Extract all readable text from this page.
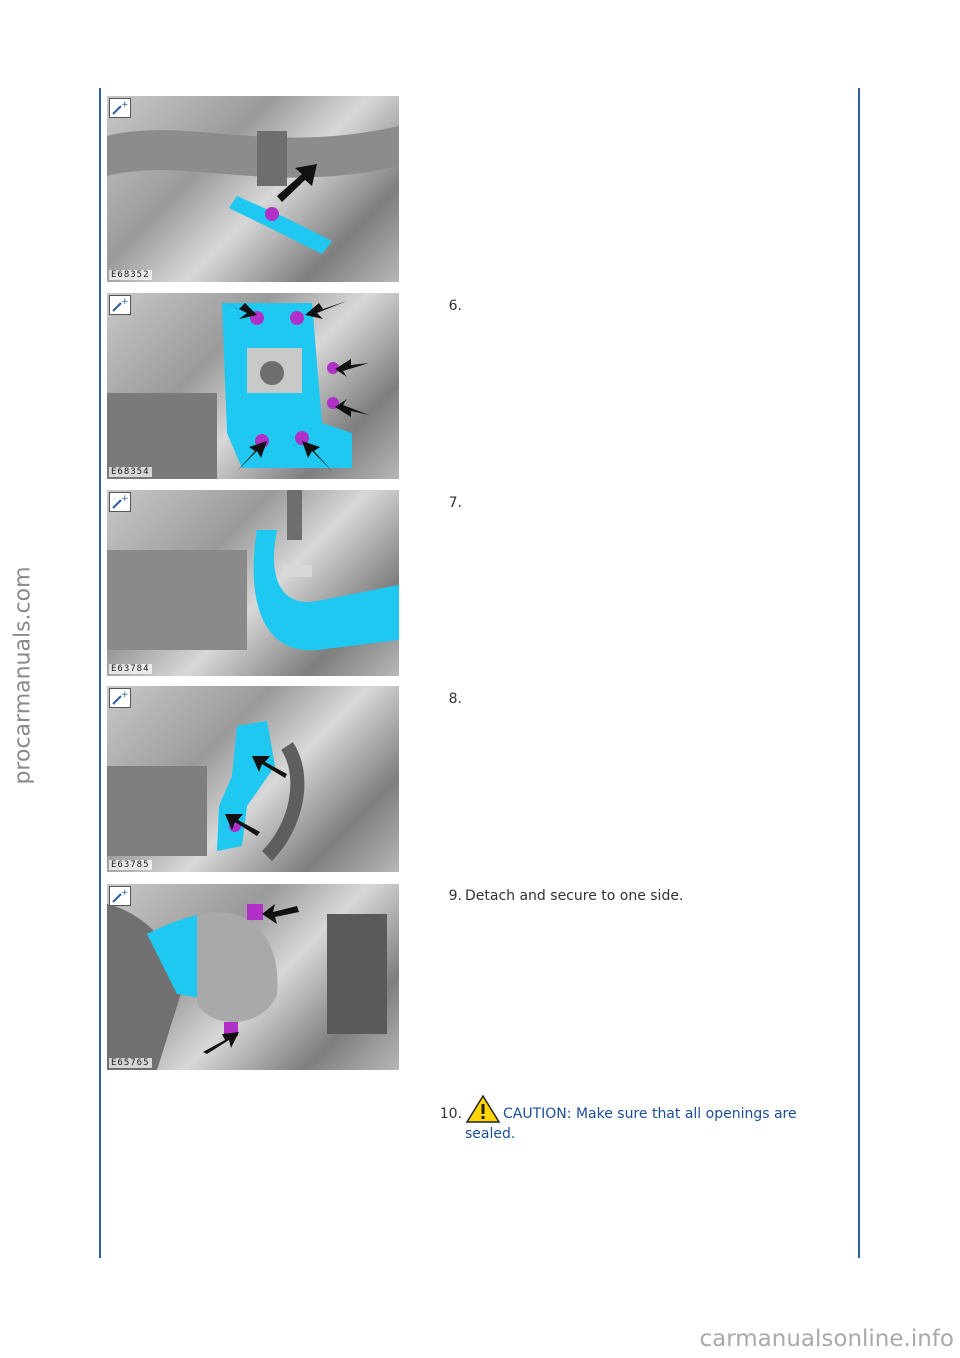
procarmanuals.com
+
E68352
+
E68354
+
E63784
+
E63785
+
E65765
6.
7.
8.
9. Detach and secure to one side.
10.	CAUTION: Make sure that all openings are sealed.
carmanualsonline.info
